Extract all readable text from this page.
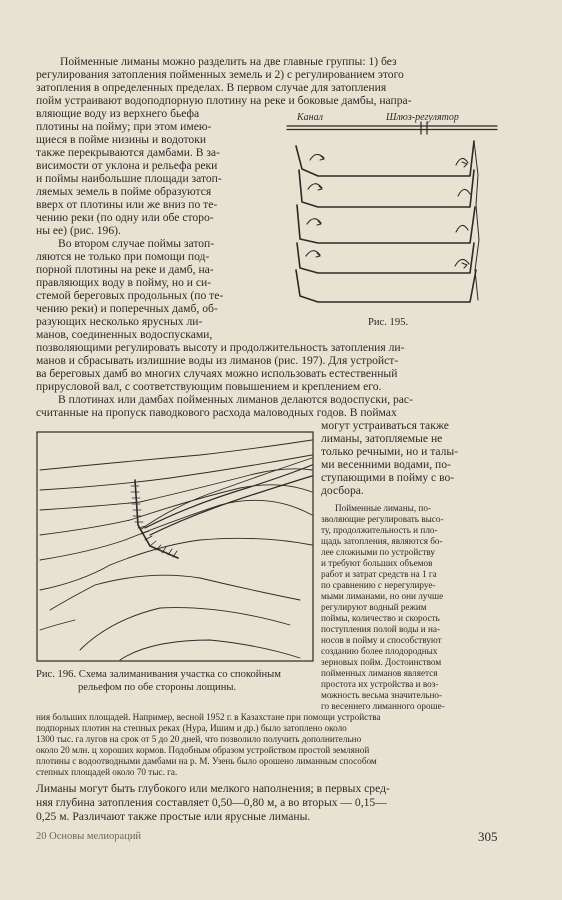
Пойменные лиманы можно разделить на две главные группы: 1) без
регулирования затопления пойменных земель и 2) с регулированием этого
затопления в определенных пределах. В первом случае для затопления
пойм устраивают водоподпорную плотину на реке и боковые дамбы, напра-
вляющие воду из верхнего бьефа
плотины на пойму; при этом имею-
щиеся в пойме низины и водотоки
также перекрываются дамбами. В за-
висимости от уклона и рельефа реки
и поймы наибольшие площади затоп-
ляемых земель в пойме образуются
вверх от плотины или же вниз по те-
чению реки (по одну или обе сторо-
ны ее) (рис. 196).
Во втором случае поймы затоп-
ляются не только при помощи под-
порной плотины на реке и дамб, на-
правляющих воду в пойму, но и си-
стемой береговых продольных (по те-
чению реки) и поперечных дамб, об-
разующих несколько ярусных ли-
манов, соединенных водоспусками,
Канал	Шлюз-регулятор
Рис. 195.
позволяющими регулировать высоту и продолжительность затопления ли-
манов и сбрасывать излишние воды из лиманов (рис. 197). Для устройст-
ва береговых дамб во многих случаях можно использовать естественный
прирусловой вал, с соответствующим повышением и креплением его.
В плотинах или дамбах пойменных лиманов делаются водоспуски, рас-
считанные на пропуск паводкового расхода маловодных годов. В поймах
Рис. 196. Схема залиманивания участка со спокойным
рельефом по обе стороны лощины.
могут устраиваться также
лиманы, затопляемые не
только речными, но и талы-
ми весенними водами, по-
ступающими в пойму с во-
досбора.
Пойменные лиманы, по-
зволяющие регулировать высо-
ту, продолжительность и пло-
щадь затопления, являются бо-
лее сложными по устройству
и требуют больших объемов
работ и затрат средств на 1 га
по сравнению с нерегулируе-
мыми лиманами, но они лучше
регулируют водный режим
поймы, количество и скорость
поступления полой воды и на-
носов в пойму и способствуют
созданию более плодородных
зерновых пойм. Достоинством
пойменных лиманов является
простота их устройства и воз-
можность весьма значительно-
го весеннего лиманного ороше-
ния больших площадей. Например, весной 1952 г. в Казахстане при помощи устройства
подпорных плотин на степных реках (Нура, Ишим и др.) было затоплено около
1300 тыс. га лугов на срок от 5 до 20 дней, что позволило получить дополнительно
около 20 млн. ц хороших кормов. Подобным образом устройством простой земляной
плотины с водоотводными дамбами на р. М. Узень было орошено лиманным способом
степных площадей около 70 тыс. га.
Лиманы могут быть глубокого или мелкого наполнения; в первых сред-
няя глубина затопления составляет 0,50—0,80 м, а во вторых — 0,15—
0,25 м. Различают также простые или ярусные лиманы.
20 Основы мелиораций	305
